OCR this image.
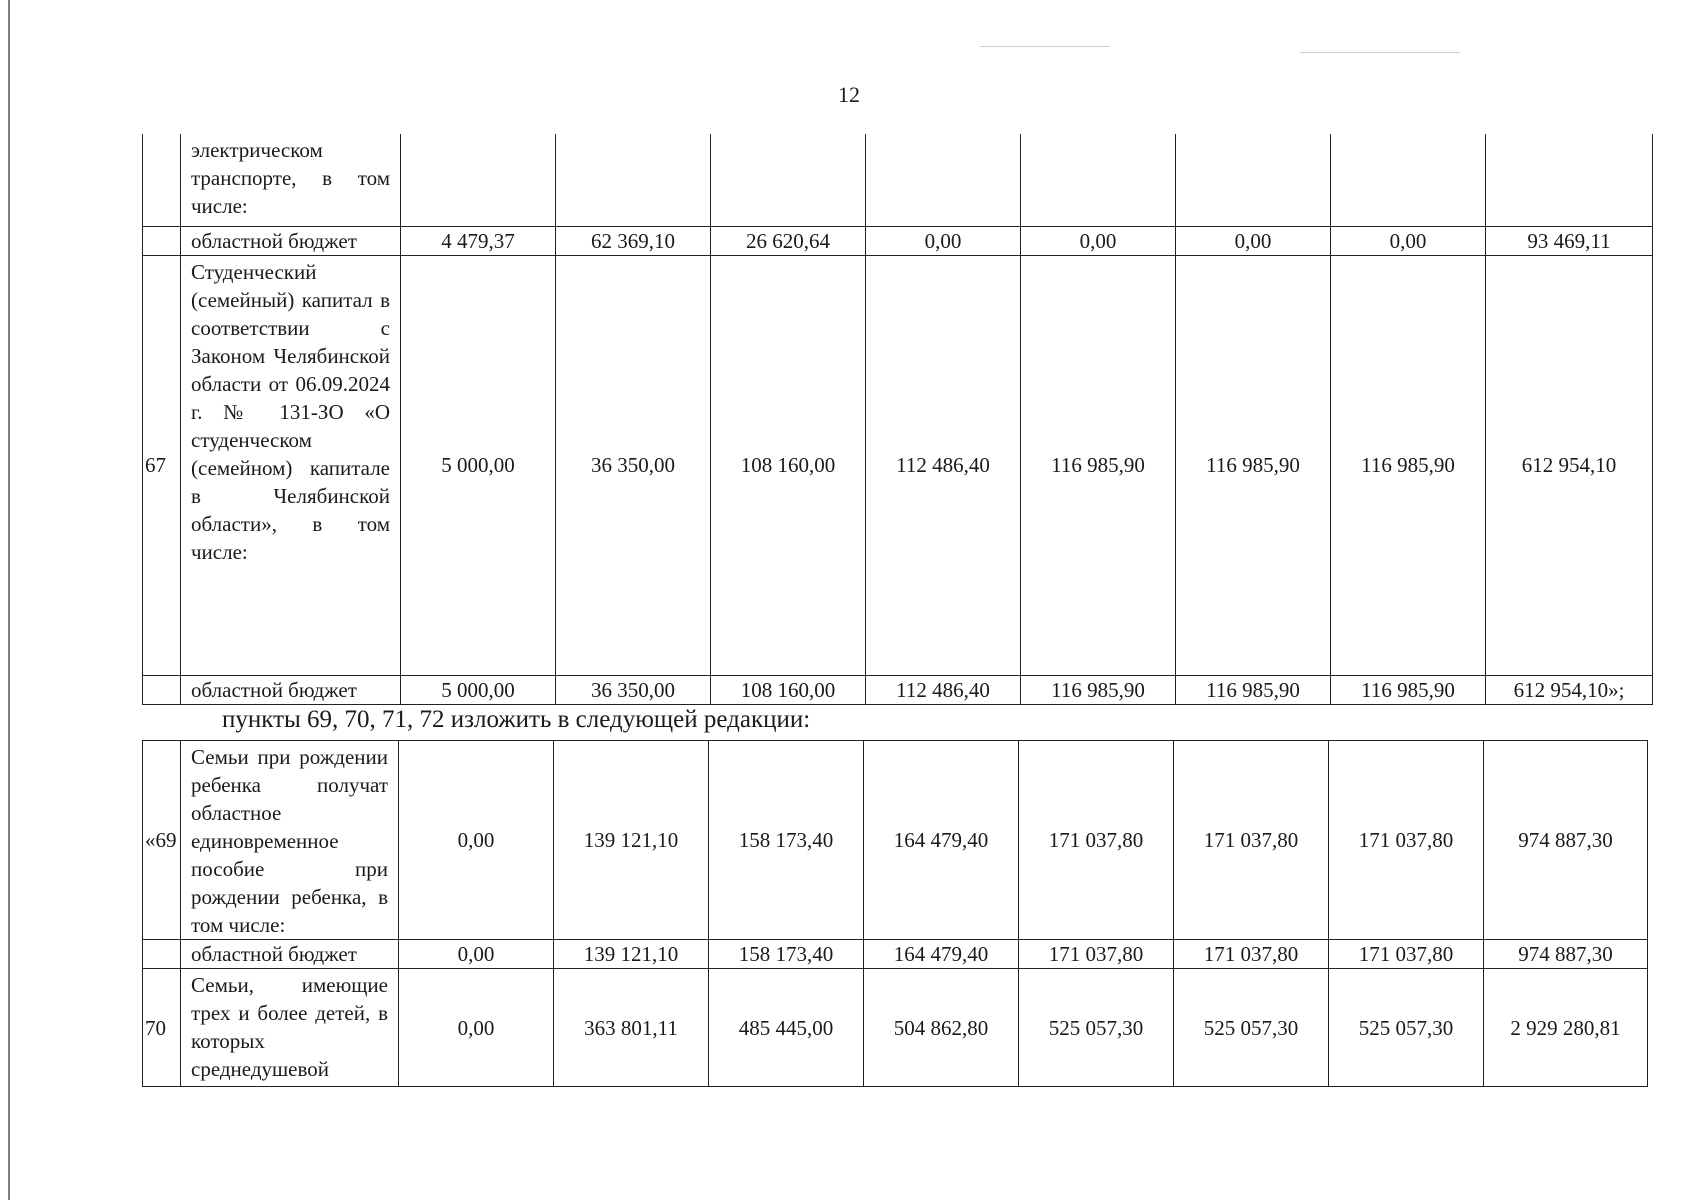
12
	электрическом транспорте, в том числе:								
	областной бюджет	4 479,37	62 369,10	26 620,64	0,00	0,00	0,00	0,00	93 469,11
67	Студенческий (семейный) капитал в соответствии с Законом Челябинской области от 06.09.2024 г. № 131-ЗО «О студенческом (семейном) капитале в Челябинской области», в том числе:	5 000,00	36 350,00	108 160,00	112 486,40	116 985,90	116 985,90	116 985,90	612 954,10
	областной бюджет	5 000,00	36 350,00	108 160,00	112 486,40	116 985,90	116 985,90	116 985,90	612 954,10»;
пункты 69, 70, 71, 72 изложить в следующей редакции:
«69	Семьи при рождении ребенка получат областное единовременное пособие при рождении ребенка, в том числе:	0,00	139 121,10	158 173,40	164 479,40	171 037,80	171 037,80	171 037,80	974 887,30
	областной бюджет	0,00	139 121,10	158 173,40	164 479,40	171 037,80	171 037,80	171 037,80	974 887,30
70	Семьи, имеющие трех и более детей, в которых среднедушевой	0,00	363 801,11	485 445,00	504 862,80	525 057,30	525 057,30	525 057,30	2 929 280,81
